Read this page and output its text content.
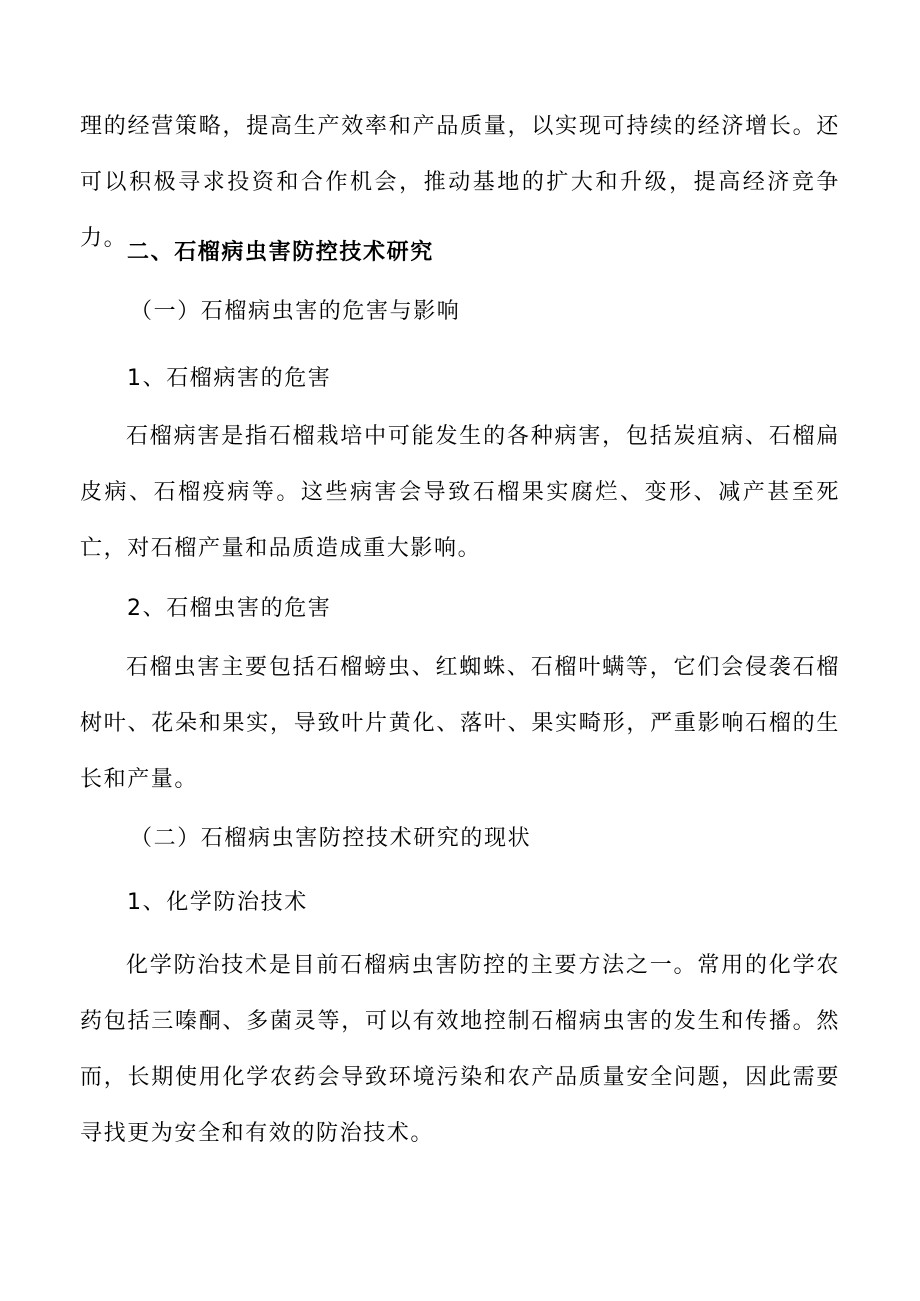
理的经营策略，提高生产效率和产品质量，以实现可持续的经济增长。还可以积极寻求投资和合作机会，推动基地的扩大和升级，提高经济竞争力。

二、石榴病虫害防控技术研究
（一）石榴病虫害的危害与影响
1、石榴病害的危害

石榴病害是指石榴栽培中可能发生的各种病害，包括炭疽病、石榴扁皮病、石榴疫病等。这些病害会导致石榴果实腐烂、变形、减产甚至死亡，对石榴产量和品质造成重大影响。

2、石榴虫害的危害

石榴虫害主要包括石榴螃虫、红蜘蛛、石榴叶螨等，它们会侵袭石榴树叶、花朵和果实，导致叶片黄化、落叶、果实畸形，严重影响石榴的生长和产量。

（二）石榴病虫害防控技术研究的现状
1、化学防治技术

化学防治技术是目前石榴病虫害防控的主要方法之一。常用的化学农药包括三嗪酮、多菌灵等，可以有效地控制石榴病虫害的发生和传播。然而，长期使用化学农药会导致环境污染和农产品质量安全问题，因此需要寻找更为安全和有效的防治技术。
